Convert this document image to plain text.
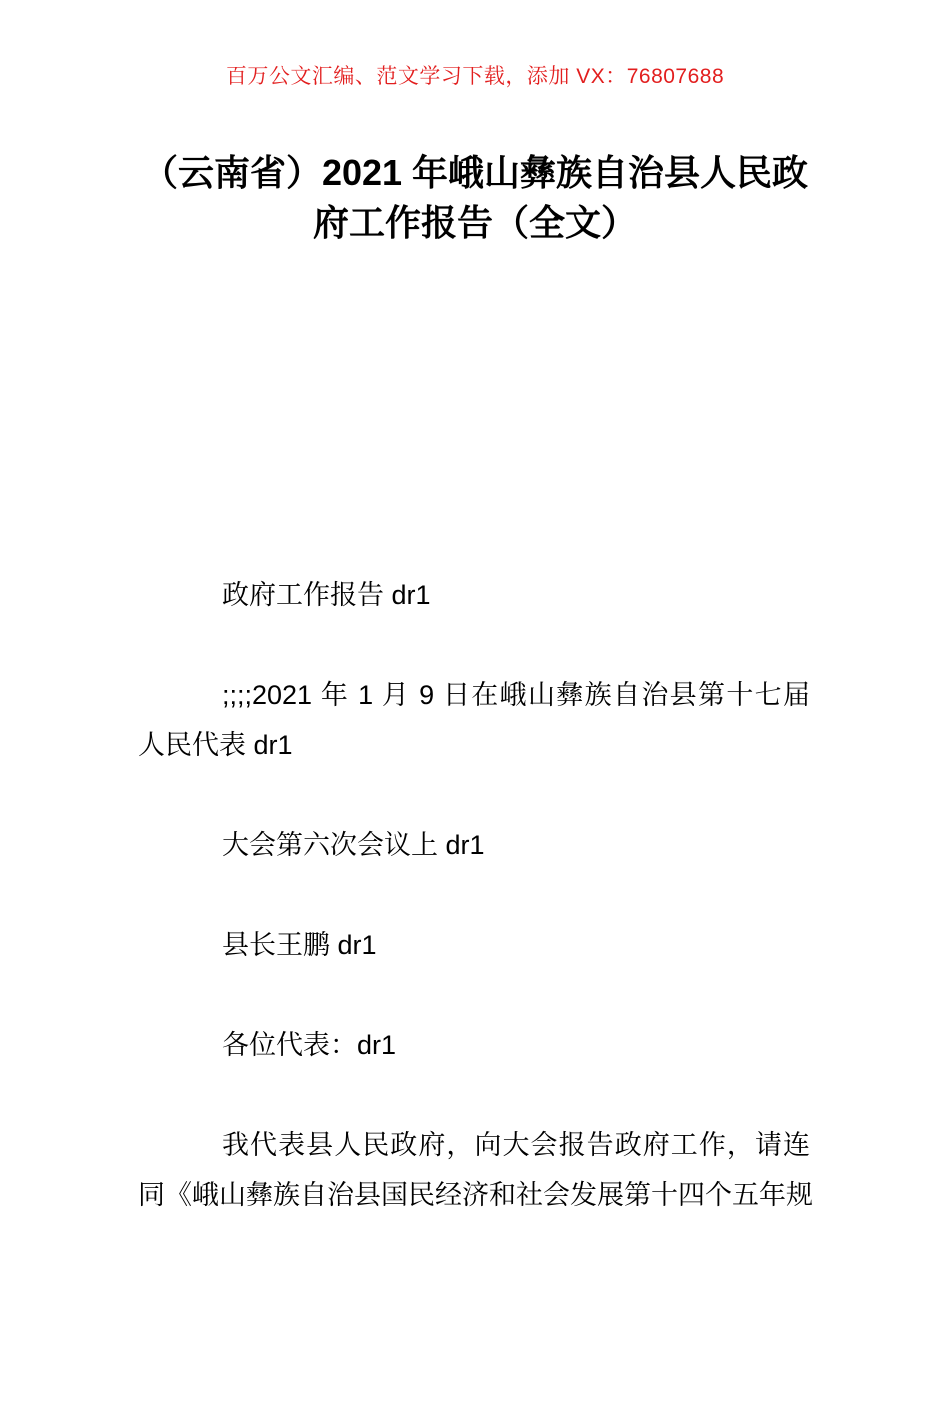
百万公文汇编、范文学习下载，添加 VX：76807688
（云南省）2021 年峨山彝族自治县人民政
府工作报告（全文）
政府工作报告 dr1
;;;;2021 年 1 月 9 日在峨山彝族自治县第十七届
人民代表 dr1
大会第六次会议上 dr1
县长王鹏 dr1
各位代表：dr1
我代表县人民政府，向大会报告政府工作，请连
同《峨山彝族自治县国民经济和社会发展第十四个五年规
